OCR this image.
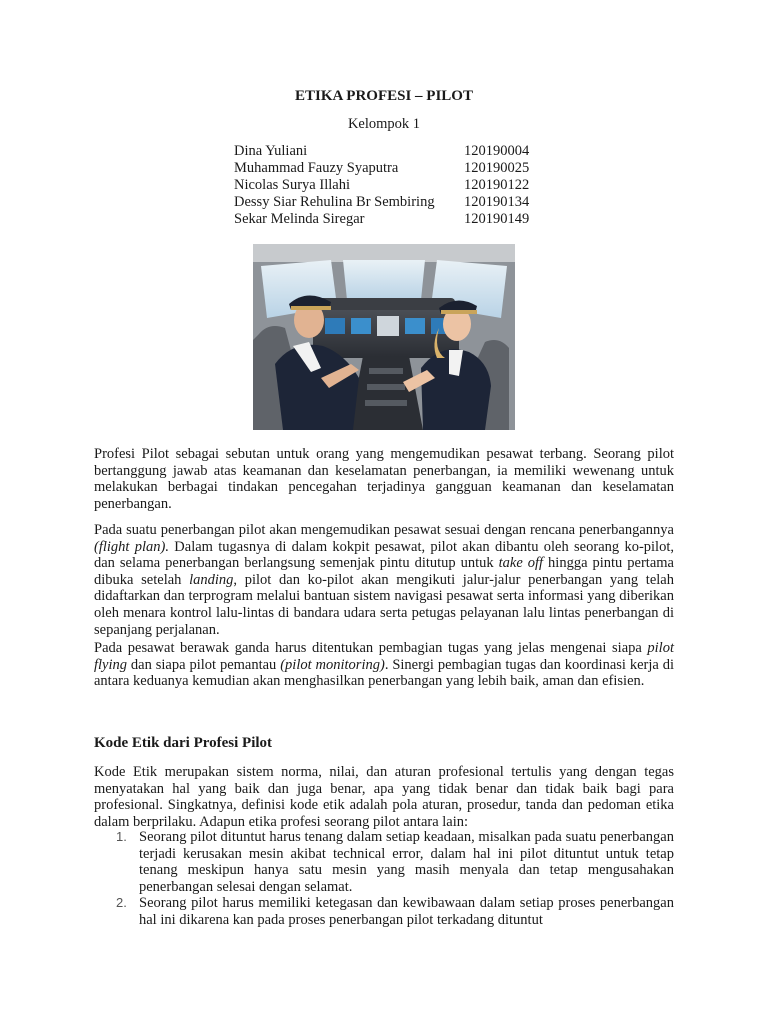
ETIKA PROFESI – PILOT
Kelompok 1
Dina Yuliani	120190004
Muhammad Fauzy Syaputra	120190025
Nicolas Surya Illahi	120190122
Dessy Siar Rehulina Br Sembiring	120190134
Sekar Melinda Siregar	120190149

Profesi Pilot sebagai sebutan untuk orang yang mengemudikan pesawat terbang. Seorang pilot bertanggung jawab atas keamanan dan keselamatan penerbangan, ia memiliki wewenang untuk melakukan berbagai tindakan pencegahan terjadinya gangguan keamanan dan keselamatan penerbangan.

Pada suatu penerbangan pilot akan mengemudikan pesawat sesuai dengan rencana penerbangannya (flight plan). Dalam tugasnya di dalam kokpit pesawat, pilot akan dibantu oleh seorang ko-pilot, dan selama penerbangan berlangsung semenjak pintu ditutup untuk take off hingga pintu pertama dibuka setelah landing, pilot dan ko-pilot akan mengikuti jalur-jalur penerbangan yang telah didaftarkan dan terprogram melalui bantuan sistem navigasi pesawat serta informasi yang diberikan oleh menara kontrol lalu-lintas di bandara udara serta petugas pelayanan lalu lintas penerbangan di sepanjang perjalanan.

Pada pesawat berawak ganda harus ditentukan pembagian tugas yang jelas mengenai siapa pilot flying dan siapa pilot pemantau (pilot monitoring). Sinergi pembagian tugas dan koordinasi kerja di antara keduanya kemudian akan menghasilkan penerbangan yang lebih baik, aman dan efisien.

Kode Etik dari Profesi Pilot

Kode Etik merupakan sistem norma, nilai, dan aturan profesional tertulis yang dengan tegas menyatakan hal yang baik dan juga benar, apa yang tidak benar dan tidak baik bagi para profesional. Singkatnya, definisi kode etik adalah pola aturan, prosedur, tanda dan pedoman etika dalam berprilaku. Adapun etika profesi seorang pilot antara lain:

1. Seorang pilot dituntut harus tenang dalam setiap keadaan, misalkan pada suatu penerbangan terjadi kerusakan mesin akibat technical error, dalam hal ini pilot dituntut untuk tetap tenang meskipun hanya satu mesin yang masih menyala dan tetap mengusahakan penerbangan selesai dengan selamat.
2. Seorang pilot harus memiliki ketegasan dan kewibawaan dalam setiap proses penerbangan hal ini dikarena kan pada proses penerbangan pilot terkadang dituntut
